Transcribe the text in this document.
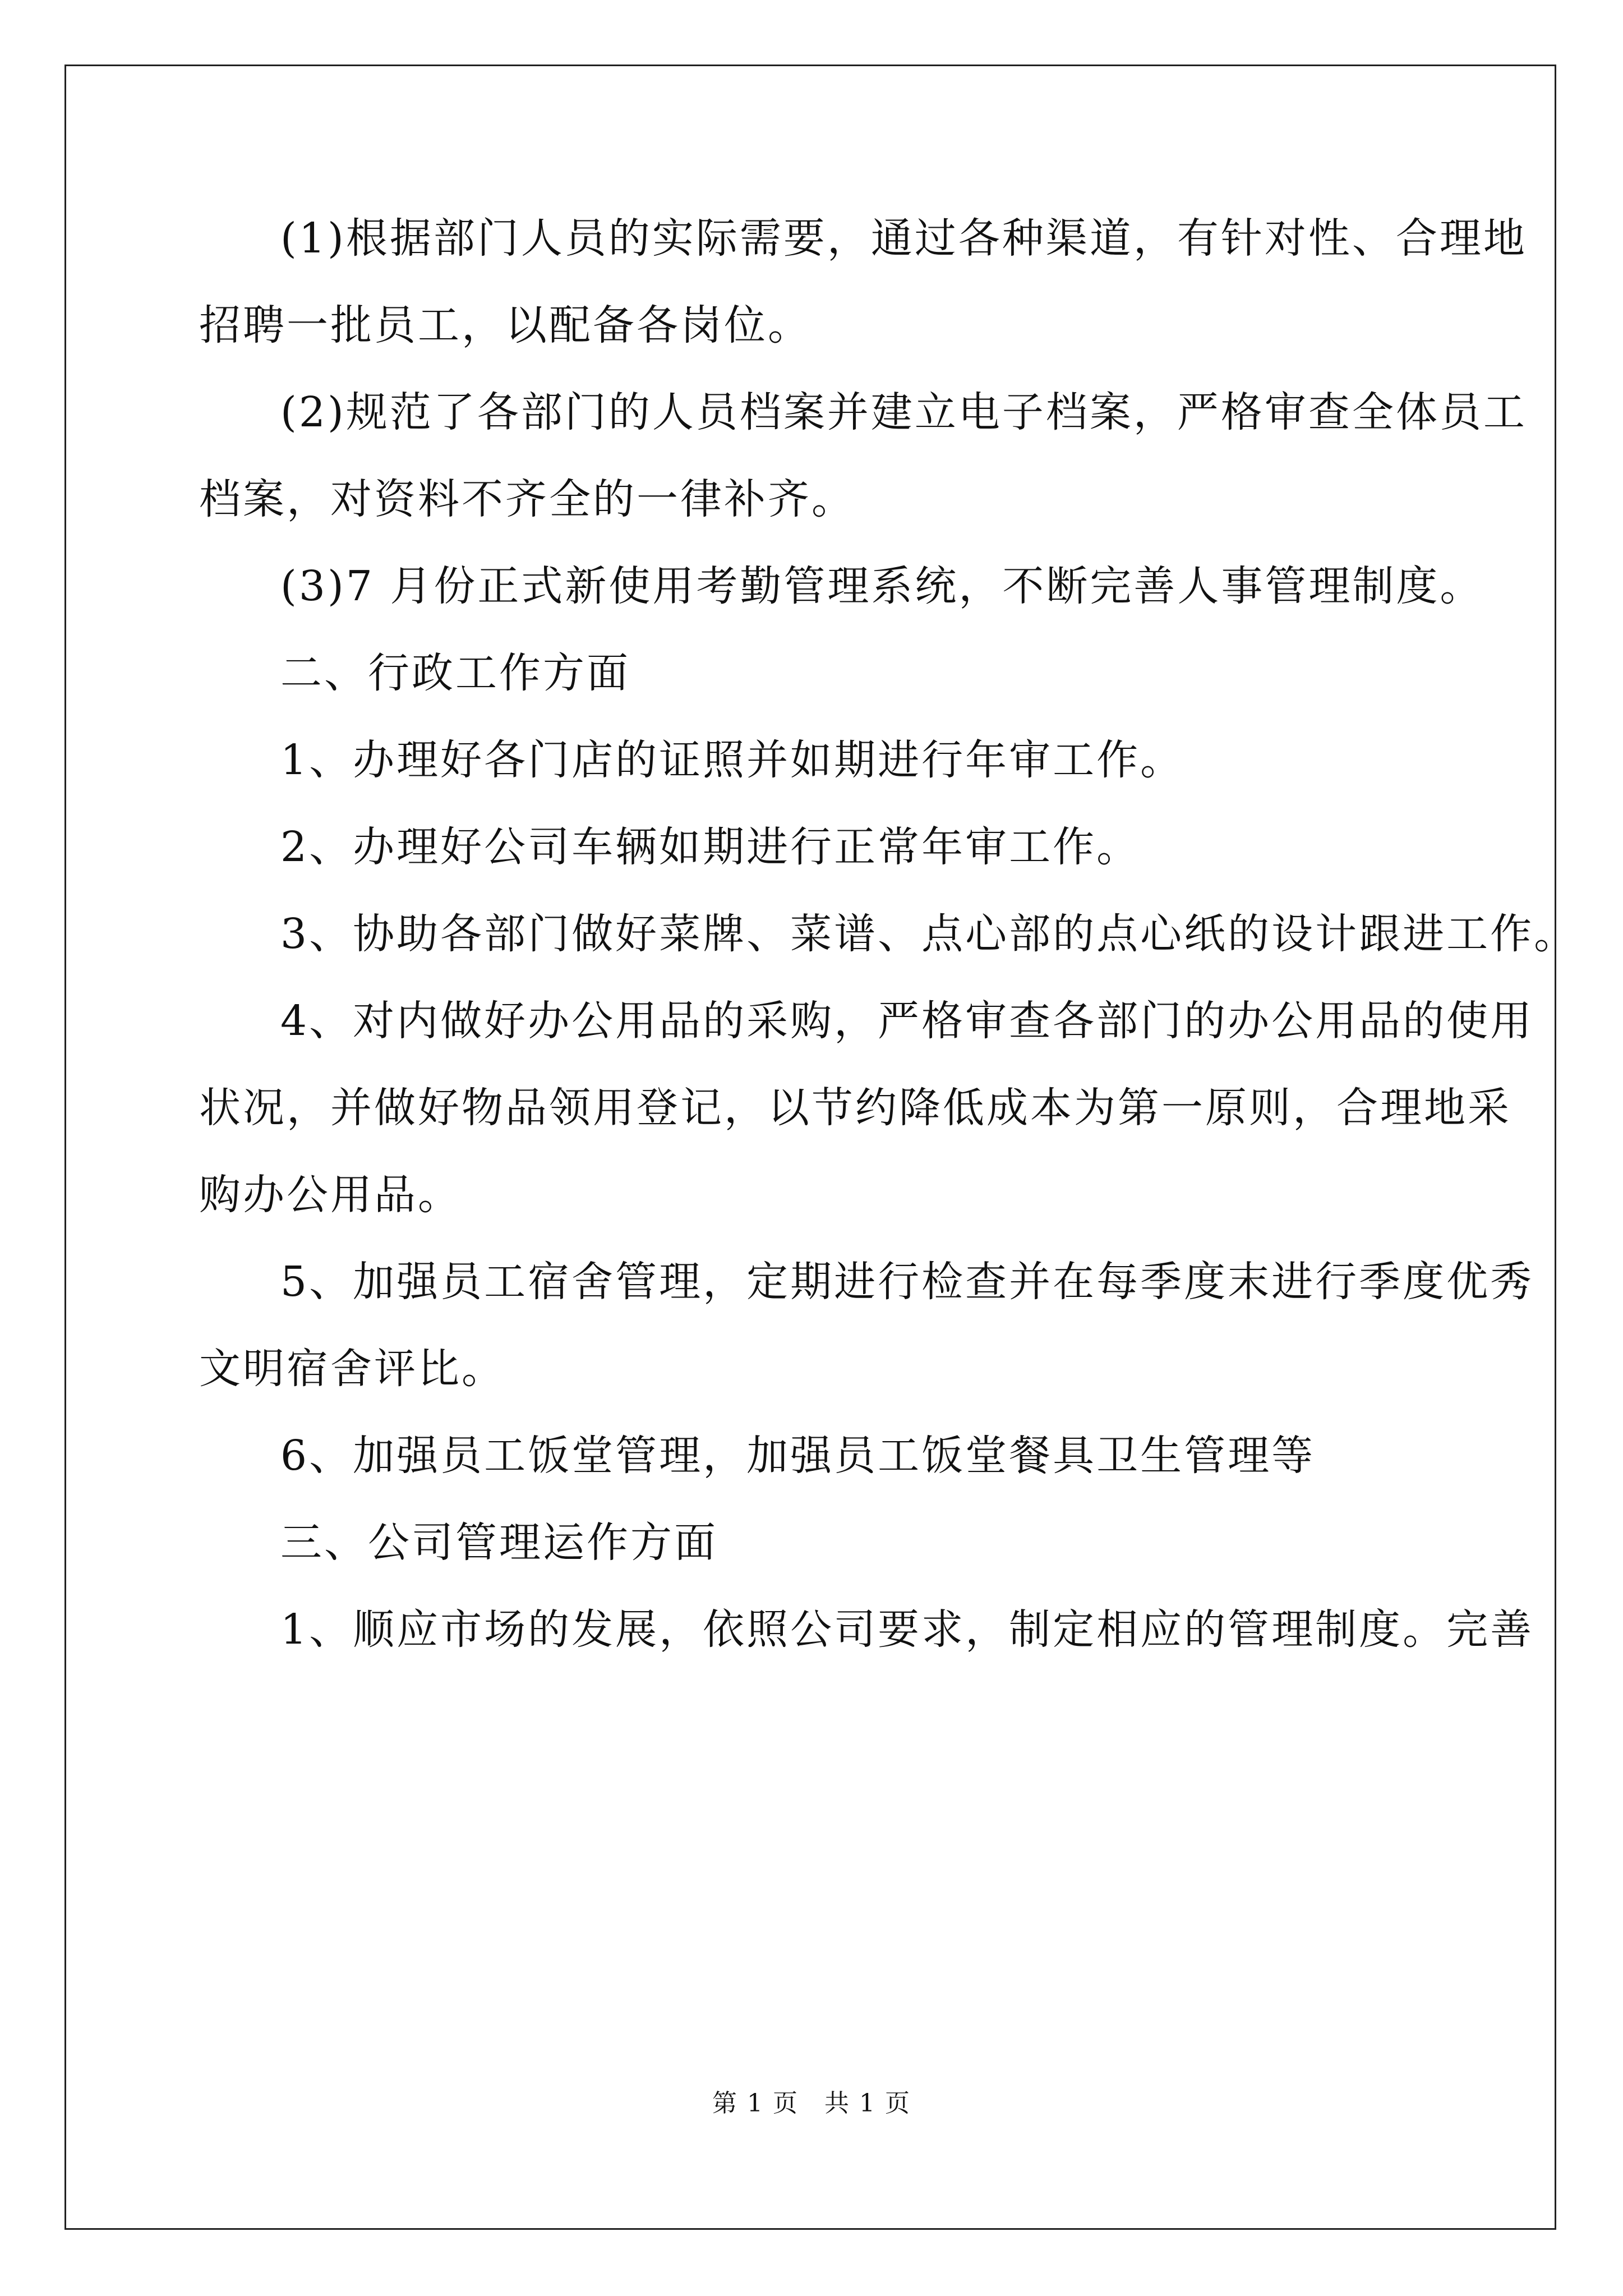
(1)根据部门人员的实际需要，通过各种渠道，有针对性、合理地
招聘一批员工，以配备各岗位。
(2)规范了各部门的人员档案并建立电子档案，严格审查全体员工
档案，对资料不齐全的一律补齐。
(3)7 月份正式新使用考勤管理系统，不断完善人事管理制度。
二、行政工作方面
1、办理好各门店的证照并如期进行年审工作。
2、办理好公司车辆如期进行正常年审工作。
3、协助各部门做好菜牌、菜谱、点心部的点心纸的设计跟进工作。
4、对内做好办公用品的采购，严格审查各部门的办公用品的使用
状况，并做好物品领用登记，以节约降低成本为第一原则，合理地采
购办公用品。
5、加强员工宿舍管理，定期进行检查并在每季度末进行季度优秀
文明宿舍评比。
6、加强员工饭堂管理，加强员工饭堂餐具卫生管理等
三、公司管理运作方面
1、顺应市场的发展，依照公司要求，制定相应的管理制度。完善
第 1 页　共 1 页
